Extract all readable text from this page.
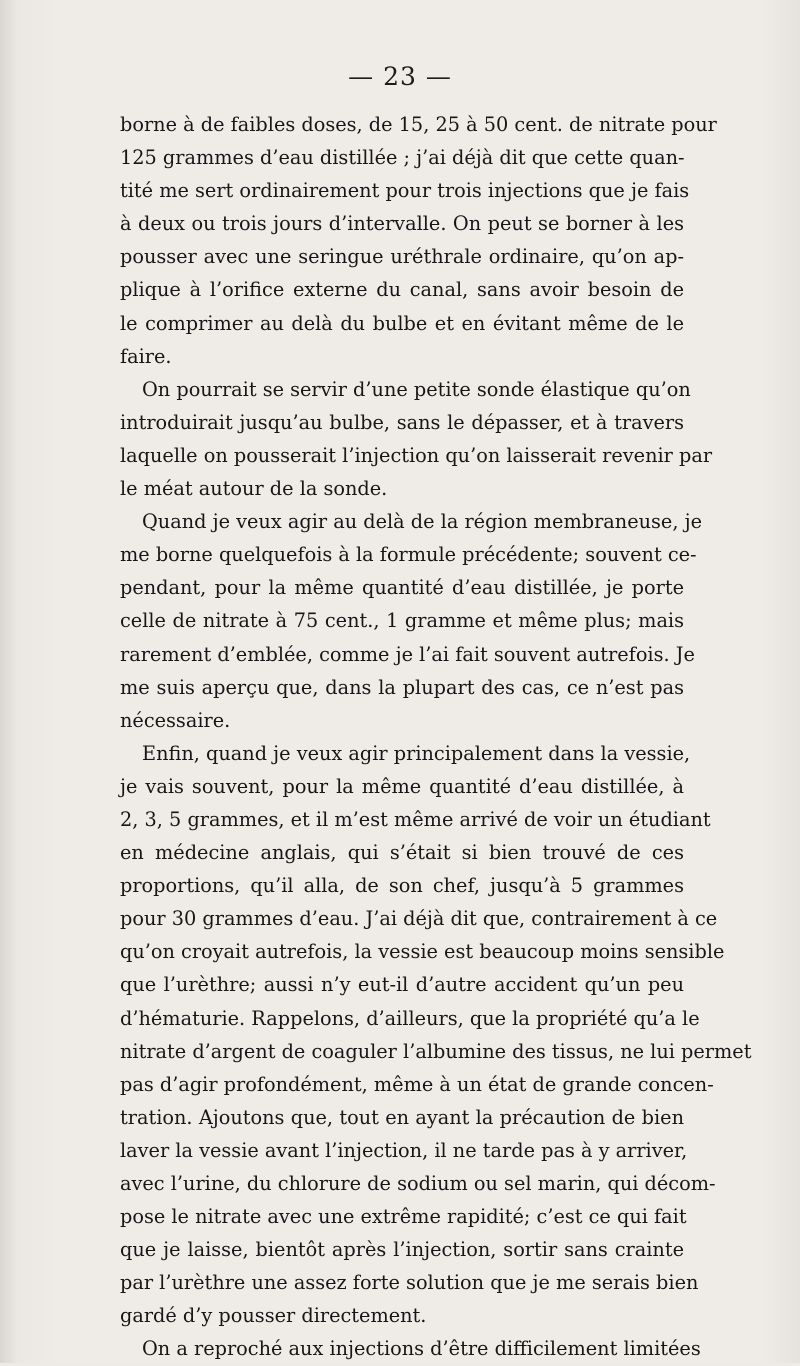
— 23 —
borne à de faibles doses, de 15, 25 à 50 cent. de nitrate pour
125 grammes d’eau distillée ; j’ai déjà dit que cette quan-
tité me sert ordinairement pour trois injections que je fais
à deux ou trois jours d’intervalle. On peut se borner à les
pousser avec une seringue uréthrale ordinaire, qu’on ap-
plique à l’orifice externe du canal, sans avoir besoin de
le comprimer au delà du bulbe et en évitant même de le
faire.
On pourrait se servir d’une petite sonde élastique qu’on
introduirait jusqu’au bulbe, sans le dépasser, et à travers
laquelle on pousserait l’injection qu’on laisserait revenir par
le méat autour de la sonde.
Quand je veux agir au delà de la région membraneuse, je
me borne quelquefois à la formule précédente; souvent ce-
pendant, pour la même quantité d’eau distillée, je porte
celle de nitrate à 75 cent., 1 gramme et même plus; mais
rarement d’emblée, comme je l’ai fait souvent autrefois. Je
me suis aperçu que, dans la plupart des cas, ce n’est pas
nécessaire.
Enfin, quand je veux agir principalement dans la vessie,
je vais souvent, pour la même quantité d’eau distillée, à
2, 3, 5 grammes, et il m’est même arrivé de voir un étudiant
en médecine anglais, qui s’était si bien trouvé de ces
proportions, qu’il alla, de son chef, jusqu’à 5 grammes
pour 30 grammes d’eau. J’ai déjà dit que, contrairement à ce
qu’on croyait autrefois, la vessie est beaucoup moins sensible
que l’urèthre; aussi n’y eut-il d’autre accident qu’un peu
d’hématurie. Rappelons, d’ailleurs, que la propriété qu’a le
nitrate d’argent de coaguler l’albumine des tissus, ne lui permet
pas d’agir profondément, même à un état de grande concen-
tration. Ajoutons que, tout en ayant la précaution de bien
laver la vessie avant l’injection, il ne tarde pas à y arriver,
avec l’urine, du chlorure de sodium ou sel marin, qui décom-
pose le nitrate avec une extrême rapidité; c’est ce qui fait
que je laisse, bientôt après l’injection, sortir sans crainte
par l’urèthre une assez forte solution que je me serais bien
gardé d’y pousser directement.
On a reproché aux injections d’être difficilement limitées
